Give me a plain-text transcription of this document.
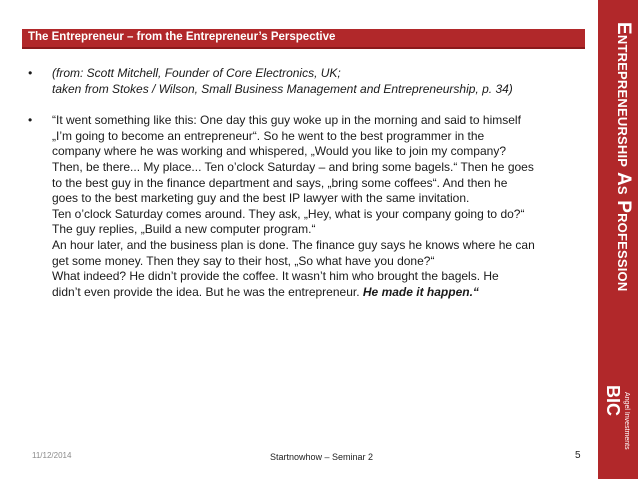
The Entrepreneur – from the Entrepreneur’s Perspective	Entrepreneurship As Profession
BIC Angel Investments
• (from: Scott Mitchell, Founder of Core Electronics, UK;
taken from Stokes / Wilson, Small Business Management and Entrepreneurship, p. 34)
• “It went something like this: One day this guy woke up in the morning and said to himself
„I’m going to become an entrepreneur“. So he went to the best programmer in the
company where he was working and whispered, „Would you like to join my company?
Then, be there... My place... Ten o’clock Saturday – and bring some bagels.“ Then he goes
to the best guy in the finance department and says, „bring some coffees“. And then he
goes to the best marketing guy and the best IP lawyer with the same invitation.
Ten o’clock Saturday comes around. They ask, „Hey, what is your company going to do?“
The guy replies, „Build a new computer program.“
An hour later, and the business plan is done. The finance guy says he knows where he can
get some money. Then they say to their host, „So what have you done?“
What indeed? He didn’t provide the coffee. It wasn’t him who brought the bagels. He
didn’t even provide the idea. But he was the entrepreneur. He made it happen.“
11/12/2014	Startnowhow – Seminar 2	5
